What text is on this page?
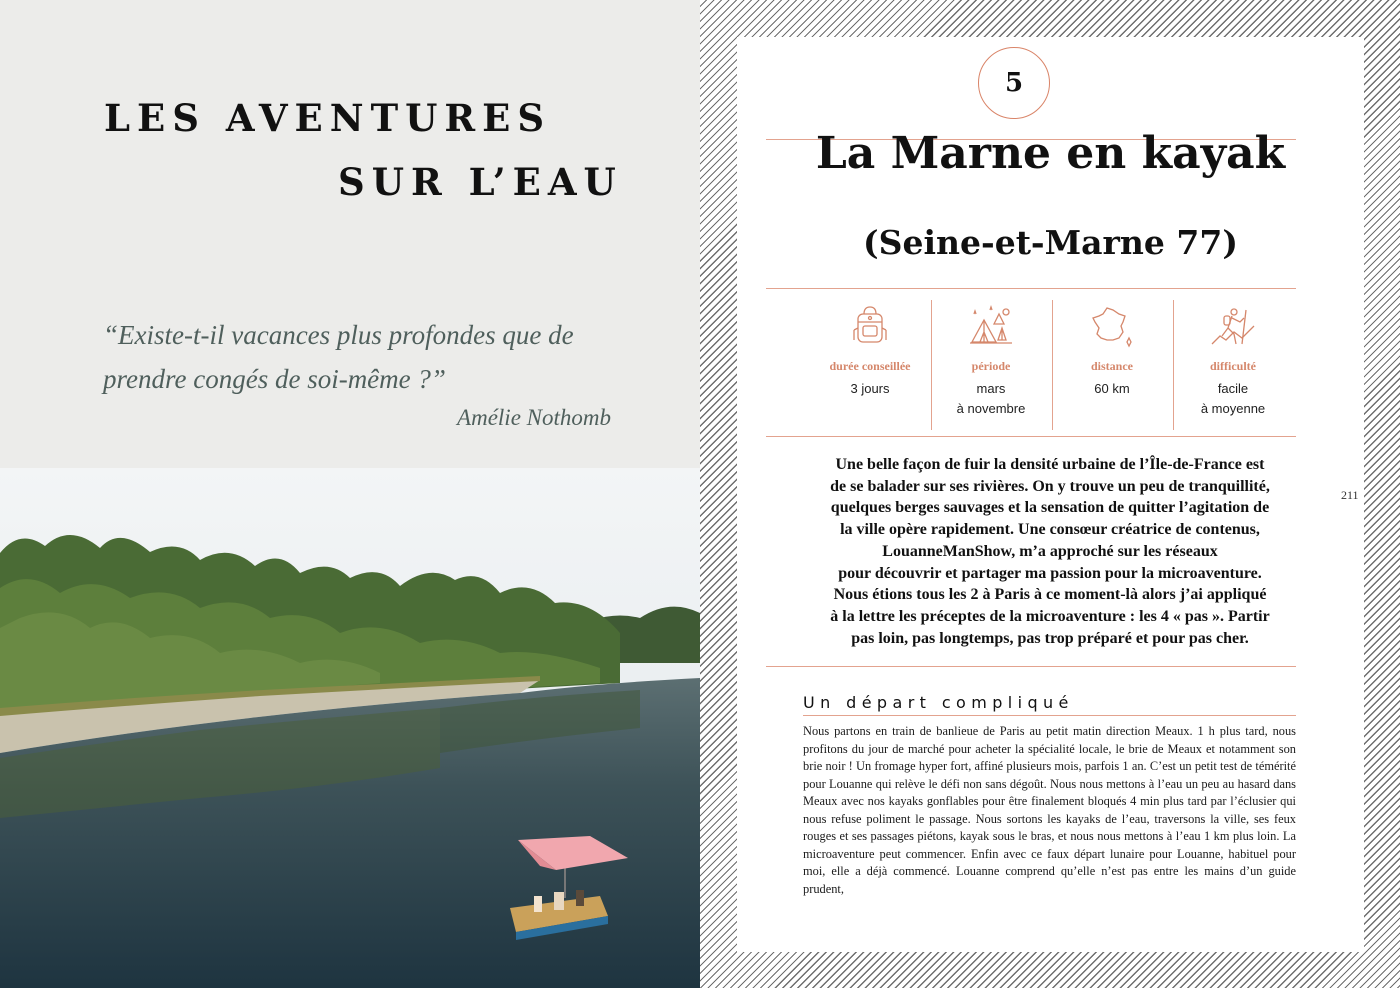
LES AVENTURES
SUR L’EAU
“Existe-t-il vacances plus profondes que de prendre congés de soi-même ?”
Amélie Nothomb
211
5
La Marne en kayak
(Seine-et-Marne 77)
durée conseillée
3 jours
période
mars
à novembre
distance
60 km
difficulté
facile
à moyenne
Une belle façon de fuir la densité urbaine de l’Île-de-France est
de se balader sur ses rivières. On y trouve un peu de tranquillité,
quelques berges sauvages et la sensation de quitter l’agitation de
la ville opère rapidement. Une consœur créatrice de contenus,
LouanneManShow, m’a approché sur les réseaux
pour découvrir et partager ma passion pour la microaventure.
Nous étions tous les 2 à Paris à ce moment-là alors j’ai appliqué
à la lettre les préceptes de la microaventure : les 4 « pas ». Partir
pas loin, pas longtemps, pas trop préparé et pour pas cher.
Un départ compliqué
Nous partons en train de banlieue de Paris au petit matin direction Meaux. 1 h plus tard, nous profitons du jour de marché pour acheter la spécialité locale, le brie de Meaux et notamment son brie noir ! Un fromage hyper fort, affiné plusieurs mois, parfois 1 an. C’est un petit test de témérité pour Louanne qui relève le défi non sans dégoût. Nous nous mettons à l’eau un peu au hasard dans Meaux avec nos kayaks gonflables pour être finalement bloqués 4 min plus tard par l’éclusier qui nous refuse poliment le passage. Nous sortons les kayaks de l’eau, traversons la ville, ses feux rouges et ses passages piétons, kayak sous le bras, et nous nous mettons à l’eau 1 km plus loin. La microaventure peut commencer. Enfin avec ce faux départ lunaire pour Louanne, habituel pour moi, elle a déjà commencé. Louanne comprend qu’elle n’est pas entre les mains d’un guide prudent,
